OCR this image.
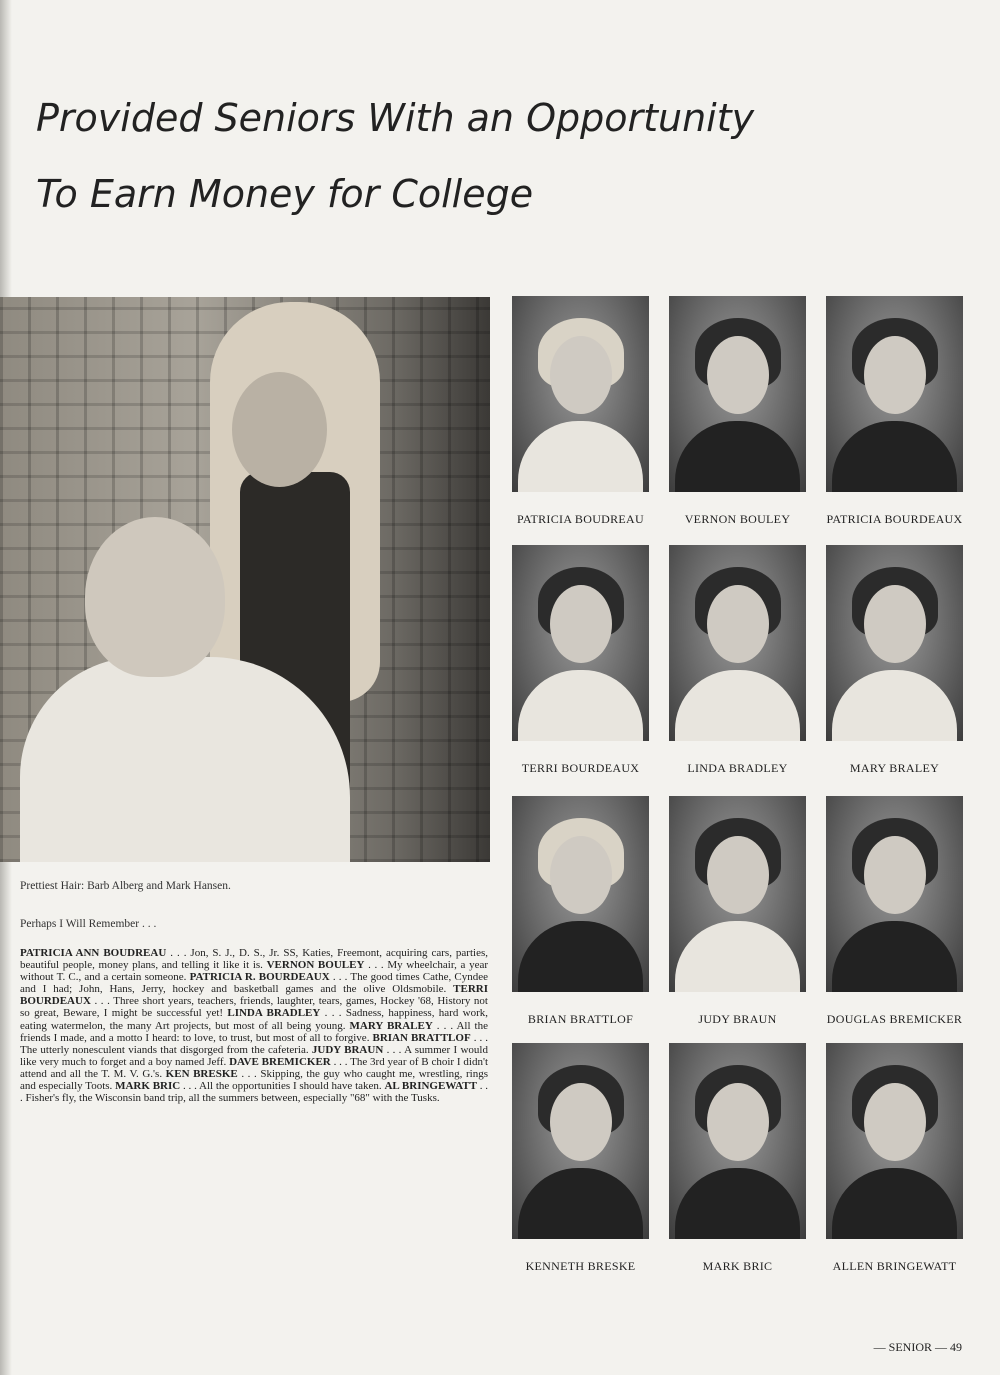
Provided Seniors With an Opportunity
To Earn Money for College

Prettiest Hair: Barb Alberg and Mark Hansen.

Perhaps I Will Remember . . .

PATRICIA ANN BOUDREAU . . . Jon, S. J., D. S., Jr. SS, Katies, Freemont, acquiring cars, parties, beautiful people, money plans, and telling it like it is. VERNON BOULEY . . . My wheelchair, a year without T. C., and a certain someone. PATRICIA R. BOURDEAUX . . . The good times Cathe, Cyndee and I had; John, Hans, Jerry, hockey and basketball games and the olive Oldsmobile. TERRI BOURDEAUX . . . Three short years, teachers, friends, laughter, tears, games, Hockey '68, History not so great, Beware, I might be successful yet! LINDA BRADLEY . . . Sadness, happiness, hard work, eating watermelon, the many Art projects, but most of all being young. MARY BRALEY . . . All the friends I made, and a motto I heard: to love, to trust, but most of all to forgive. BRIAN BRATTLOF . . . The utterly nonesculent viands that disgorged from the cafeteria. JUDY BRAUN . . . A summer I would like very much to forget and a boy named Jeff. DAVE BREMICKER . . . The 3rd year of B choir I didn't attend and all the T. M. V. G.'s. KEN BRESKE . . . Skipping, the guy who caught me, wrestling, rings and especially Toots. MARK BRIC . . . All the opportunities I should have taken. AL BRINGEWATT . . . Fisher's fly, the Wisconsin band trip, all the summers between, especially "68" with the Tusks.

PATRICIA BOUDREAU	VERNON BOULEY	PATRICIA BOURDEAUX
TERRI BOURDEAUX	LINDA BRADLEY	MARY BRALEY
BRIAN BRATTLOF	JUDY BRAUN	DOUGLAS BREMICKER
KENNETH BRESKE	MARK BRIC	ALLEN BRINGEWATT
— SENIOR — 49
